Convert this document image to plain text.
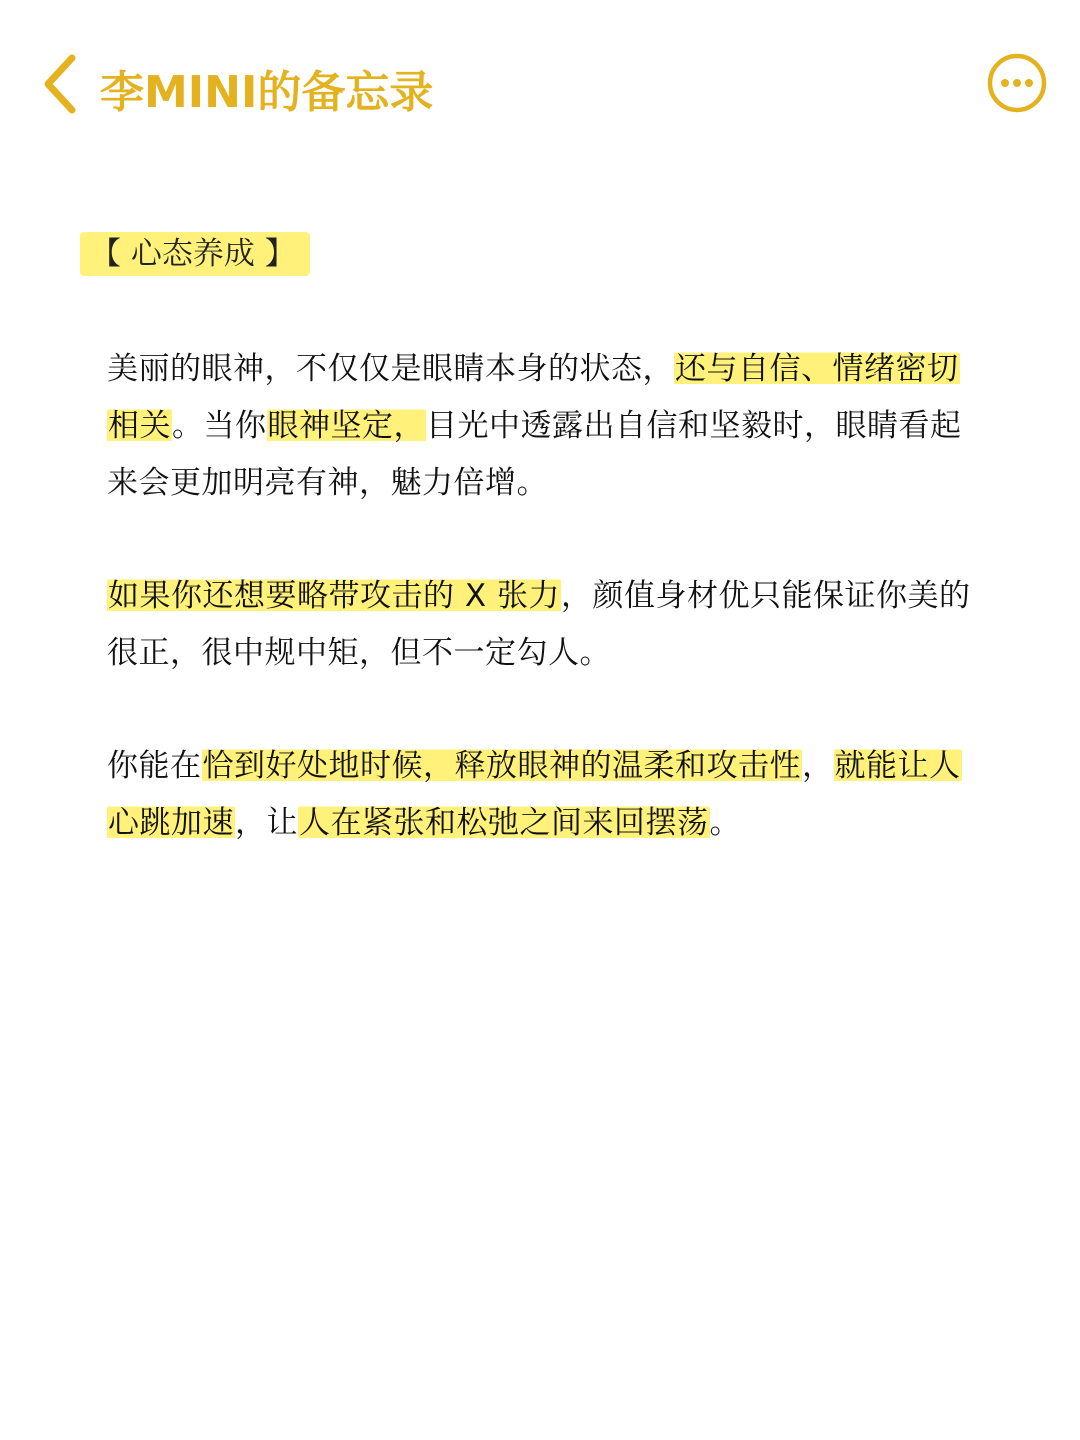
李MINI的备忘录
【 心态养成 】
美丽的眼神，不仅仅是眼睛本身的状态，还与自信、情绪密切相关。当你眼神坚定，目光中透露出自信和坚毅时，眼睛看起来会更加明亮有神，魅力倍增。
如果你还想要略带攻击的 X 张力，颜值身材优只能保证你美的很正，很中规中矩，但不一定勾人。
你能在恰到好处地时候，释放眼神的温柔和攻击性，就能让人心跳加速，让人在紧张和松弛之间来回摆荡。
